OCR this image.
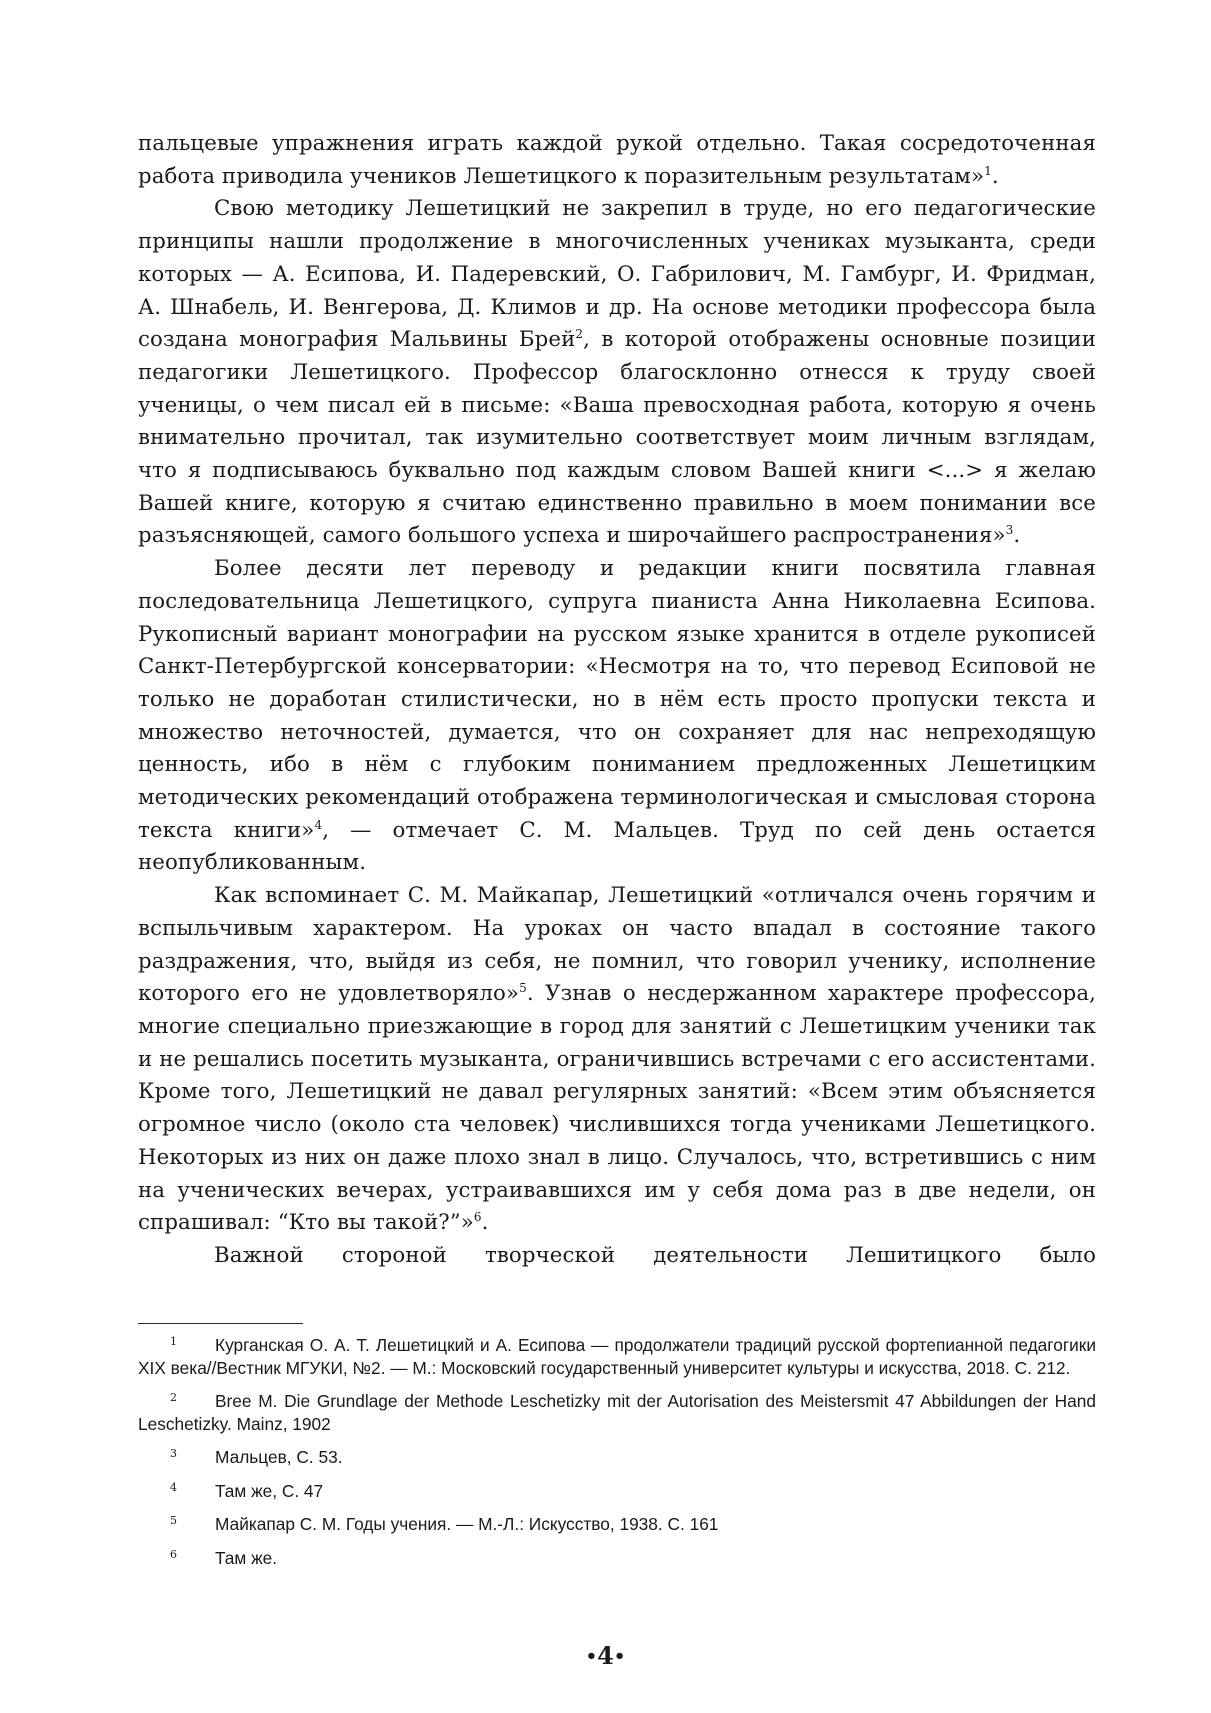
пальцевые упражнения играть каждой рукой отдельно. Такая сосредоточенная работа приводила учеников Лешетицкого к поразительным результатам»$^1$.

Свою методику Лешетицкий не закрепил в труде, но его педагогические принципы нашли продолжение в многочисленных учениках музыканта, среди которых — А. Есипова, И. Падеревский, О. Габрилович, М. Гамбург, И. Фридман, А. Шнабель, И. Венгерова, Д. Климов и др. На основе методики профессора была создана монография Мальвины Брей$^2$, в которой отображены основные позиции педагогики Лешетицкого. Профессор благосклонно отнесся к труду своей ученицы, о чем писал ей в письме: «Ваша превосходная работа, которую я очень внимательно прочитал, так изумительно соответствует моим личным взглядам, что я подписываюсь буквально под каждым словом Вашей книги <...> я желаю Вашей книге, которую я считаю единственно правильно в моем понимании все разъясняющей, самого большого успеха и широчайшего распространения»$^3$.

Более десяти лет переводу и редакции книги посвятила главная последовательница Лешетицкого, супруга пианиста Анна Николаевна Есипова. Рукописный вариант монографии на русском языке хранится в отделе рукописей Санкт-Петербургской консерватории: «Несмотря на то, что перевод Есиповой не только не доработан стилистически, но в нём есть просто пропуски текста и множество неточностей, думается, что он сохраняет для нас непреходящую ценность, ибо в нём с глубоким пониманием предложенных Лешетицким методических рекомендаций отображена терминологическая и смысловая сторона текста книги»$^4$, — отмечает С. М. Мальцев. Труд по сей день остается неопубликованным.

Как вспоминает С. М. Майкапар, Лешетицкий «отличался очень горячим и вспыльчивым характером. На уроках он часто впадал в состояние такого раздражения, что, выйдя из себя, не помнил, что говорил ученику, исполнение которого его не удовлетворяло»$^5$. Узнав о несдержанном характере профессора, многие специально приезжающие в город для занятий с Лешетицким ученики так и не решались посетить музыканта, ограничившись встречами с его ассистентами. Кроме того, Лешетицкий не давал регулярных занятий: «Всем этим объясняется огромное число (около ста человек) числившихся тогда учениками Лешетицкого. Некоторых из них он даже плохо знал в лицо. Случалось, что, встретившись с ним на ученических вечерах, устраивавшихся им у себя дома раз в две недели, он спрашивал: “Кто вы такой?”»$^6$.

Важной стороной творческой деятельности Лешитицкого было

1 Курганская О. А. Т. Лешетицкий и А. Есипова — продолжатели традиций русской фортепианной педагогики XIX века//Вестник МГУКИ, №2. — М.: Московский государственный университет культуры и искусства, 2018. С. 212.
2 Bree M. Die Grundlage der Methode Leschetizky mit der Autorisation des Meistersmit 47 Abbildungen der Hand Leschetizky. Mainz, 1902
3 Мальцев, С. 53.
4 Там же, С. 47
5 Майкапар С. М. Годы учения. — М.-Л.: Искусство, 1938. С. 161
6 Там же.
•4•
